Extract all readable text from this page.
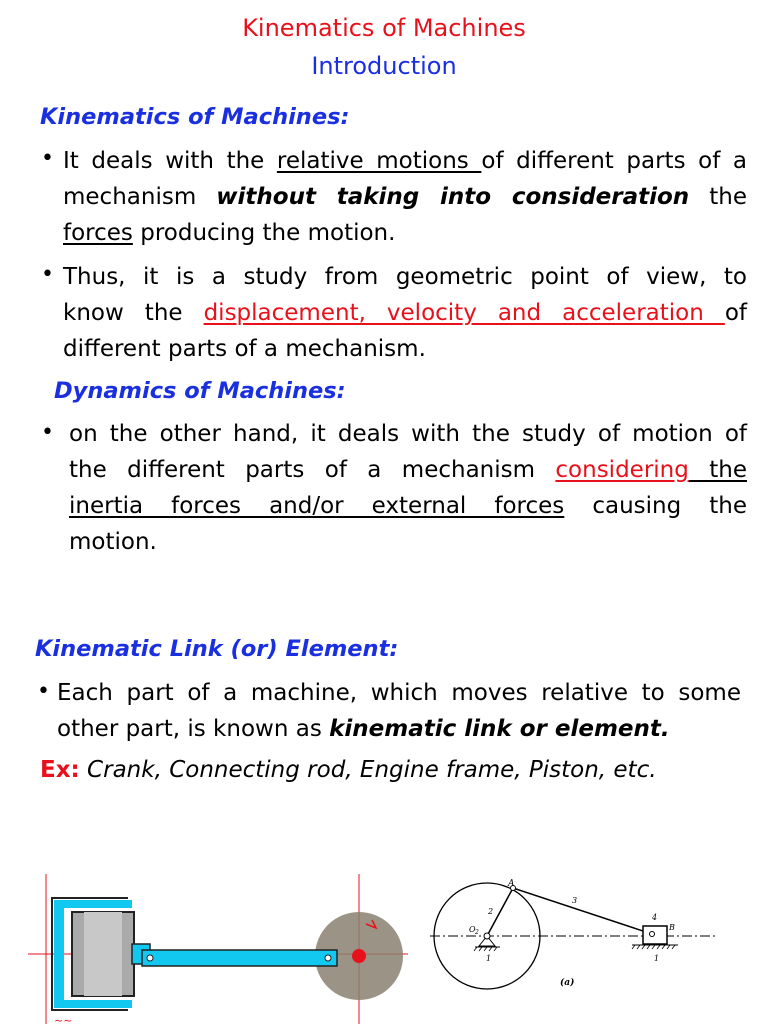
Kinematics of Machines
Introduction
Kinematics of Machines:
• It deals with the relative motions of different parts of a
mechanism without taking into consideration the
forces producing the motion.
• Thus, it is a study from geometric point of view, to
know the displacement, velocity and acceleration of
different parts of a mechanism.
Dynamics of Machines:
• on the other hand, it deals with the study of motion of
the different parts of a mechanism considering the
inertia forces and/or external forces causing the
motion.
Kinematic Link (or) Element:
• Each part of a machine, which moves relative to some
other part, is known as kinematic link or element.
Ex: Crank, Connecting rod, Engine frame, Piston, etc.
~~
A
2
3
4
B
O 2
1	1
(a)
